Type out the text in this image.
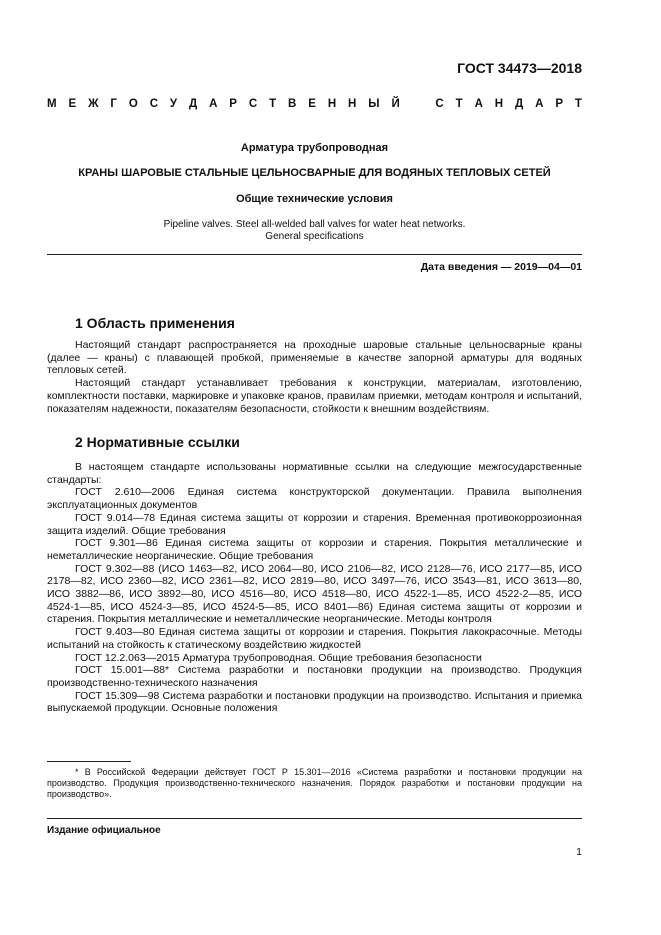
ГОСТ 34473—2018
М Е Ж Г О С У Д А Р С Т В Е Н Н Ы Й	С Т А Н Д А Р Т
Арматура трубопроводная
КРАНЫ ШАРОВЫЕ СТАЛЬНЫЕ ЦЕЛЬНОСВАРНЫЕ ДЛЯ ВОДЯНЫХ ТЕПЛОВЫХ СЕТЕЙ
Общие технические условия
Pipeline valves. Steel all-welded ball valves for water heat networks.
General specifications
Дата введения — 2019—04—01
1 Область применения

Настоящий стандарт распространяется на проходные шаровые стальные цельносварные краны (далее — краны) с плавающей пробкой, применяемые в качестве запорной арматуры для водяных тепловых сетей.

Настоящий стандарт устанавливает требования к конструкции, материалам, изготовлению, комплектности поставки, маркировке и упаковке кранов, правилам приемки, методам контроля и испытаний, показателям надежности, показателям безопасности, стойкости к внешним воздействиям.

2 Нормативные ссылки

В настоящем стандарте использованы нормативные ссылки на следующие межгосударственные стандарты:

ГОСТ 2.610—2006 Единая система конструкторской документации. Правила выполнения эксплуатационных документов

ГОСТ 9.014—78 Единая система защиты от коррозии и старения. Временная противокоррозионная защита изделий. Общие требования

ГОСТ 9.301—86 Единая система защиты от коррозии и старения. Покрытия металлические и неметаллические неорганические. Общие требования

ГОСТ 9.302—88 (ИСО 1463—82, ИСО 2064—80, ИСО 2106—82, ИСО 2128—76, ИСО 2177—85, ИСО 2178—82, ИСО 2360—82, ИСО 2361—82, ИСО 2819—80, ИСО 3497—76, ИСО 3543—81, ИСО 3613—80, ИСО 3882—86, ИСО 3892—80, ИСО 4516—80, ИСО 4518—80, ИСО 4522-1—85, ИСО 4522-2—85, ИСО 4524-1—85, ИСО 4524-3—85, ИСО 4524-5—85, ИСО 8401—86) Единая система защиты от коррозии и старения. Покрытия металлические и неметаллические неорганические. Методы контроля

ГОСТ 9.403—80 Единая система защиты от коррозии и старения. Покрытия лакокрасочные. Методы испытаний на стойкость к статическому воздействию жидкостей

ГОСТ 12.2.063—2015 Арматура трубопроводная. Общие требования безопасности

ГОСТ 15.001—88* Система разработки и постановки продукции на производство. Продукция производственно-технического назначения

ГОСТ 15.309—98 Система разработки и постановки продукции на производство. Испытания и приемка выпускаемой продукции. Основные положения

* В Российской Федерации действует ГОСТ Р 15.301—2016 «Система разработки и постановки продукции на производство. Продукция производственно-технического назначения. Порядок разработки и постановки продукции на производство».

Издание официальное
1
